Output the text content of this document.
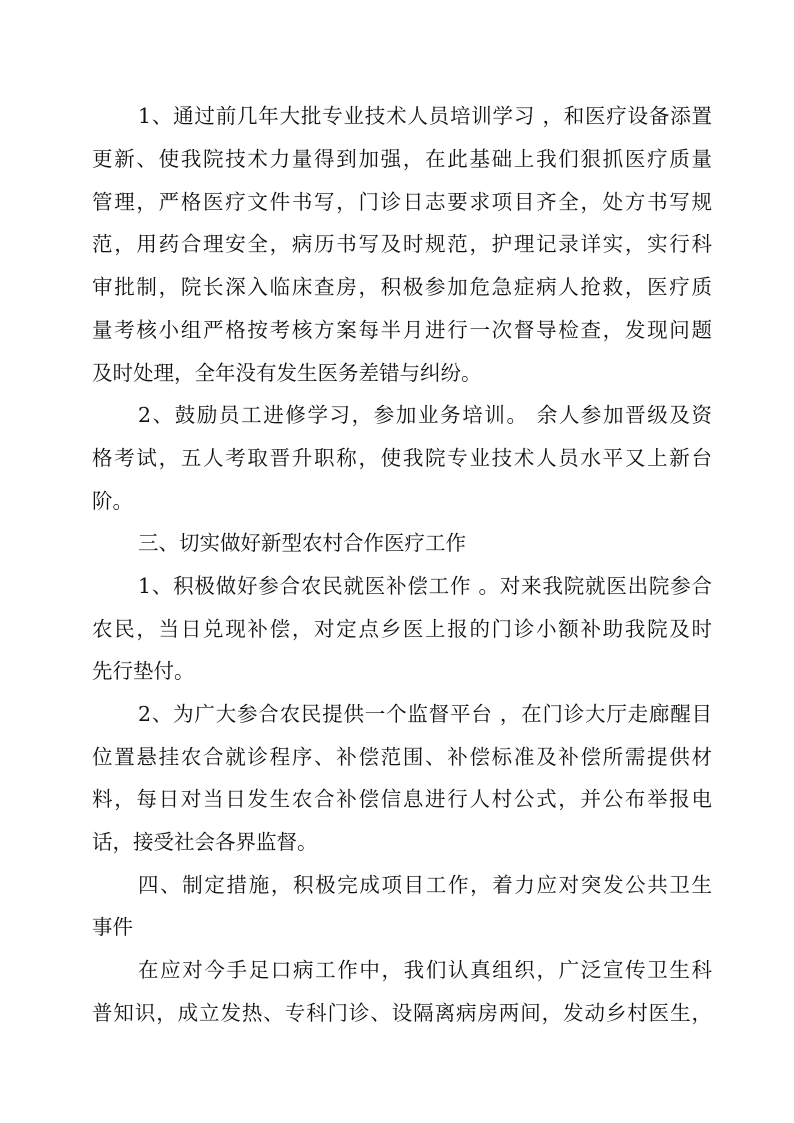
1、通过前几年大批专业技术人员培训学习 ，和医疗设备添置
更新、使我院技术力量得到加强，在此基础上我们狠抓医疗质量
管理，严格医疗文件书写，门诊日志要求项目齐全，处方书写规
范，用药合理安全，病历书写及时规范，护理记录详实，实行科
审批制，院长深入临床查房，积极参加危急症病人抢救，医疗质
量考核小组严格按考核方案每半月进行一次督导检查，发现问题
及时处理，全年没有发生医务差错与纠纷。
2、鼓励员工进修学习，参加业务培训。 余人参加晋级及资
格考试，五人考取晋升职称，使我院专业技术人员水平又上新台
阶。
三、切实做好新型农村合作医疗工作
1、积极做好参合农民就医补偿工作 。对来我院就医出院参合
农民，当日兑现补偿，对定点乡医上报的门诊小额补助我院及时
先行垫付。
2、为广大参合农民提供一个监督平台 ，在门诊大厅走廊醒目
位置悬挂农合就诊程序、补偿范围、补偿标准及补偿所需提供材
料，每日对当日发生农合补偿信息进行人村公式，并公布举报电
话，接受社会各界监督。
四、制定措施，积极完成项目工作，着力应对突发公共卫生
事件
在应对今手足口病工作中，我们认真组织，广泛宣传卫生科
普知识，成立发热、专科门诊、设隔离病房两间，发动乡村医生，
